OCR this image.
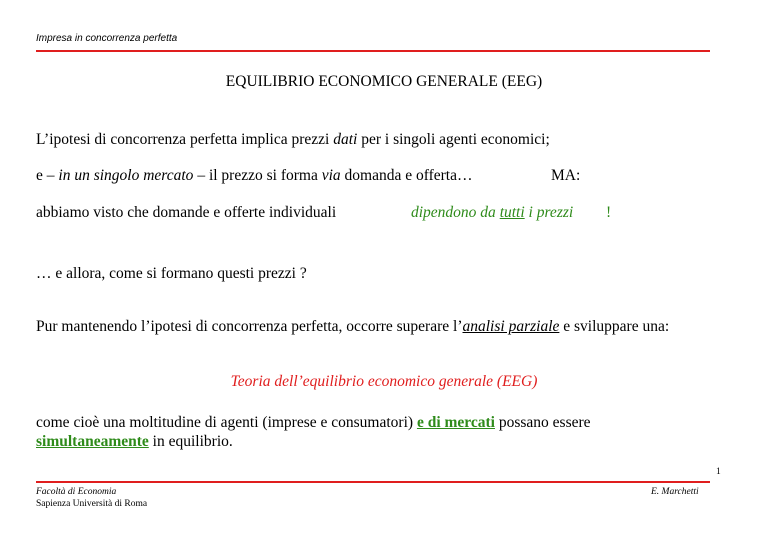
Impresa in concorrenza perfetta
EQUILIBRIO ECONOMICO GENERALE (EEG)
L’ipotesi di concorrenza perfetta implica prezzi dati per i singoli agenti economici;
e – in un singolo mercato – il prezzo si forma via domanda e offerta…	MA:
abbiamo visto che domande e offerte individuali	dipendono da tutti i prezzi !
… e allora, come si formano questi prezzi ?
Pur mantenendo l’ipotesi di concorrenza perfetta, occorre superare l’analisi parziale e sviluppare una:
Teoria dell’equilibrio economico generale (EEG)
come cioè una moltitudine di agenti (imprese e consumatori) e di mercati possano essere
simultaneamente in equilibrio.
1
Facoltà di Economia
Sapienza Università di Roma
E. Marchetti
